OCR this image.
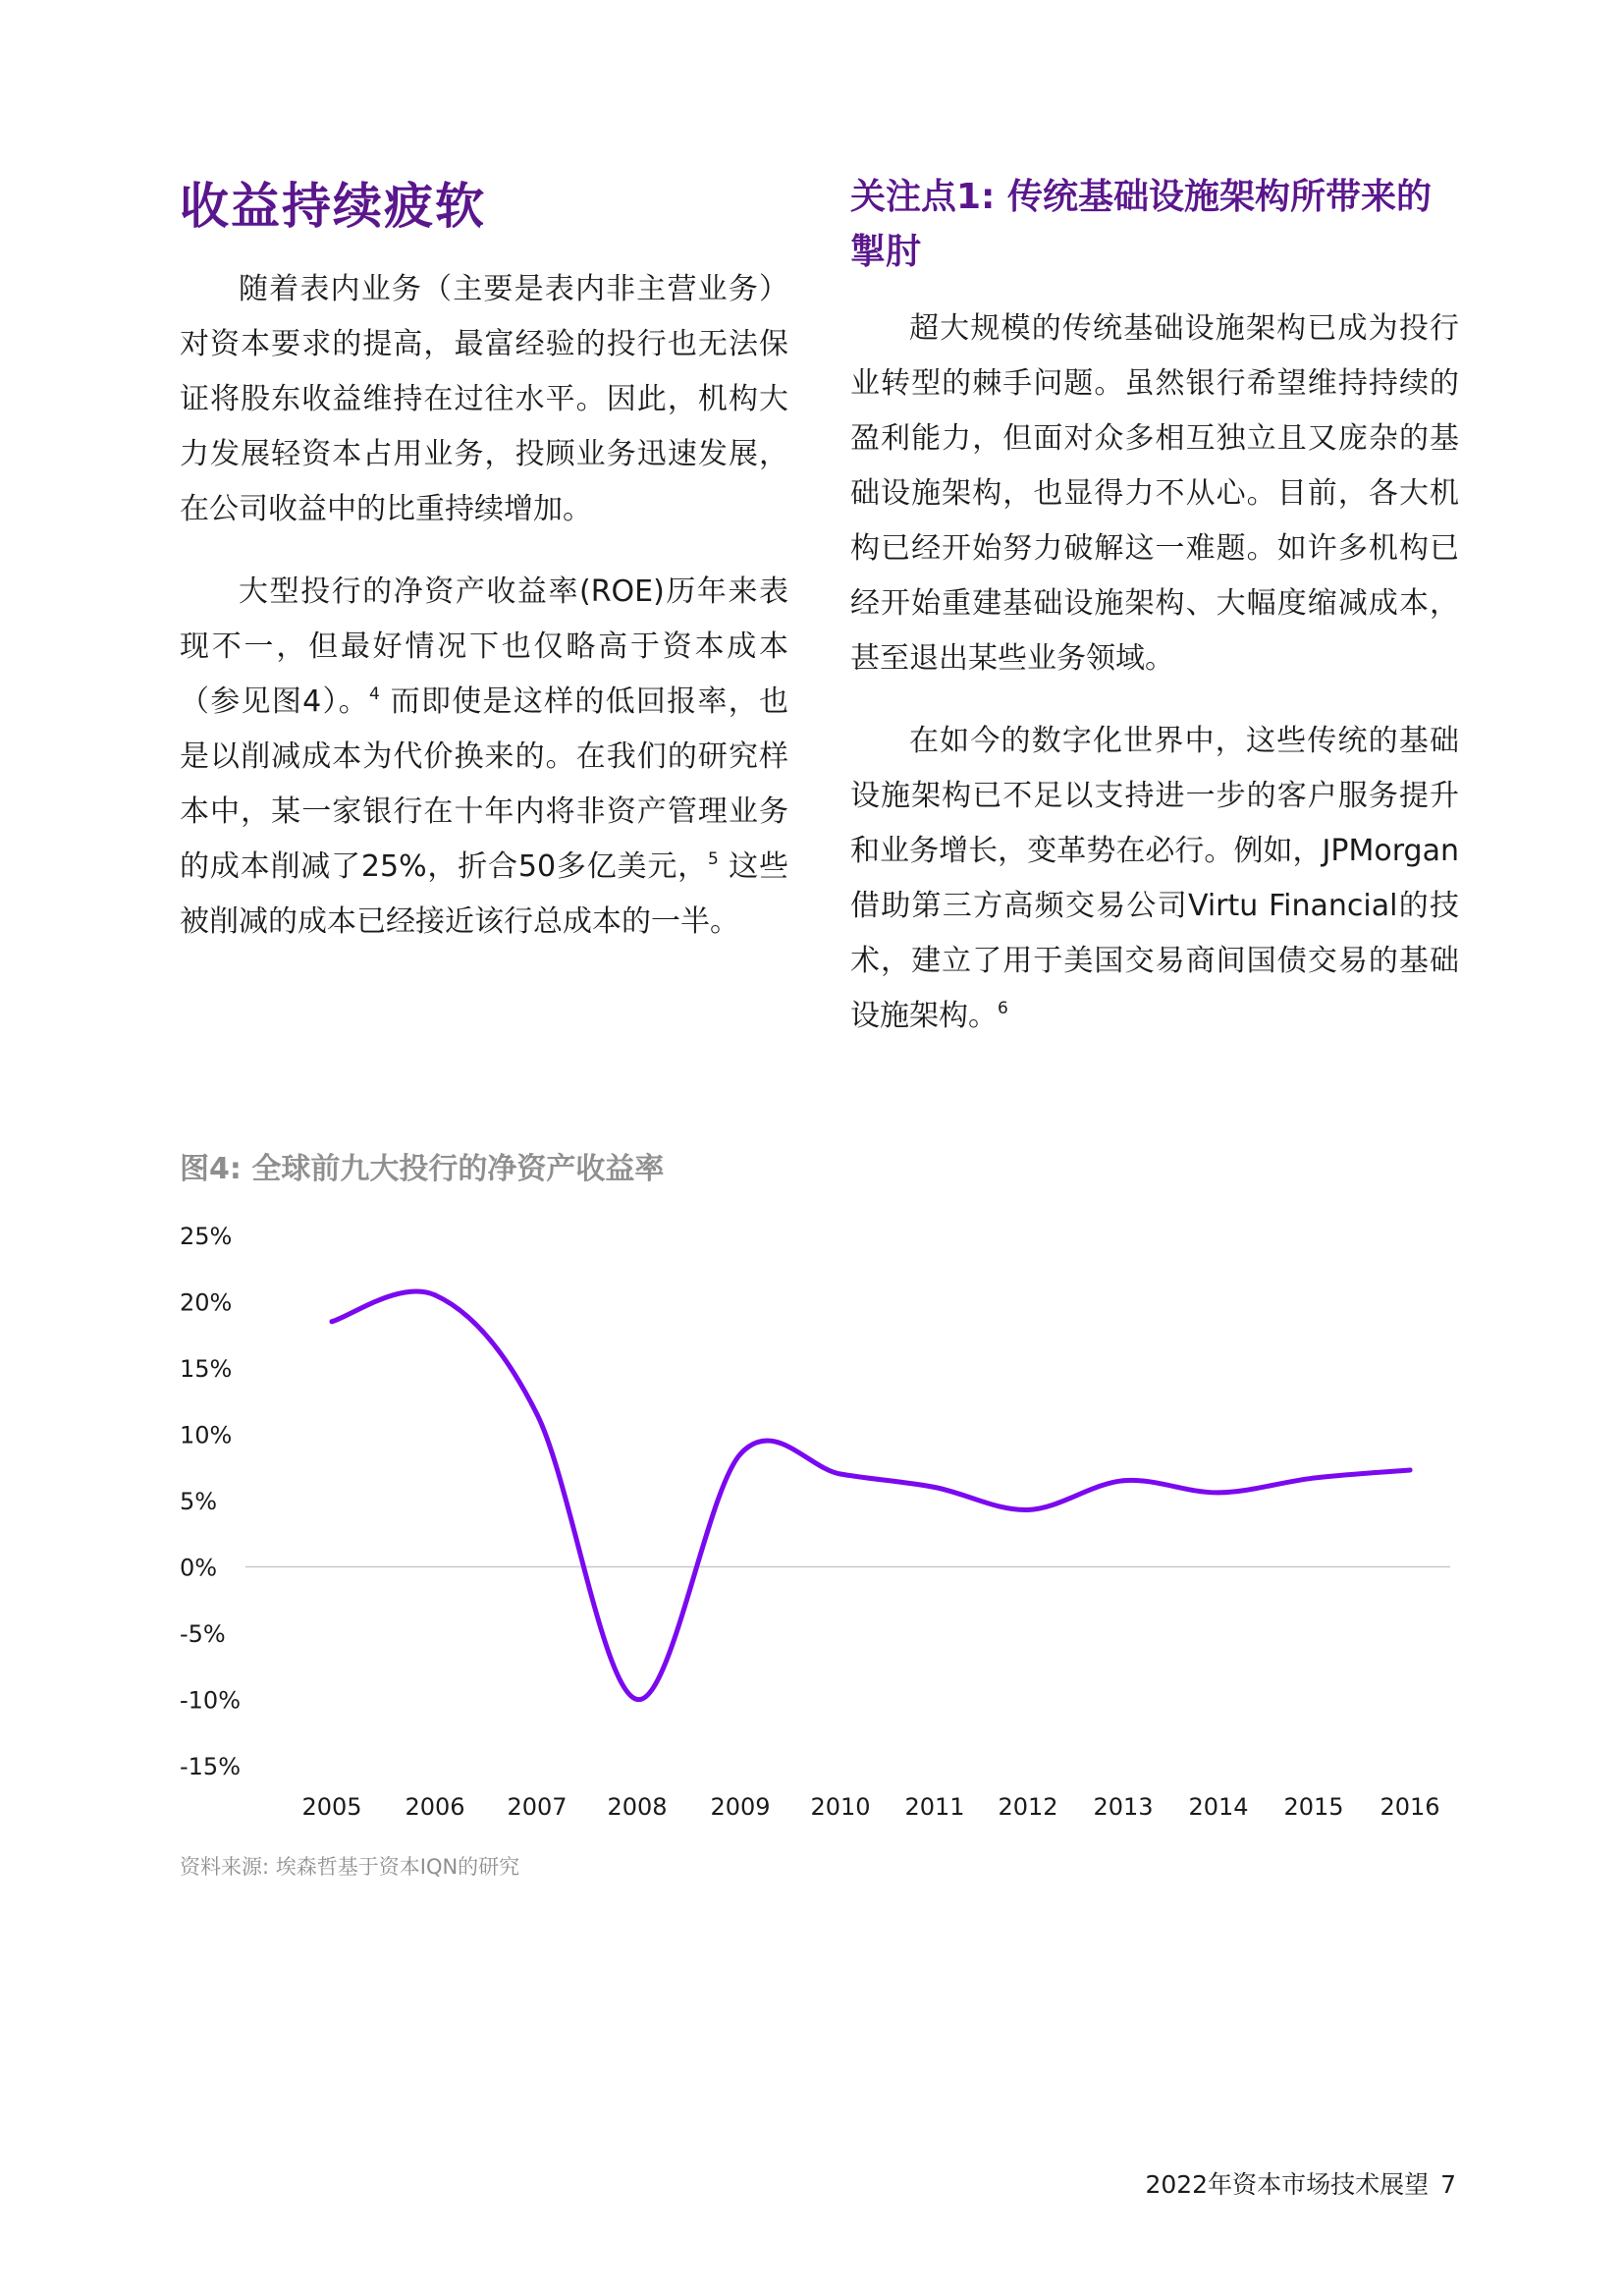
收益持续疲软

随着表内业务（主要是表内非主营业务）对资本要求的提高，最富经验的投行也无法保证将股东收益维持在过往水平。因此，机构大力发展轻资本占用业务，投顾业务迅速发展，在公司收益中的比重持续增加。

大型投行的净资产收益率(ROE)历年来表现不一，但最好情况下也仅略高于资本成本（参见图4）。$^4$ 而即使是这样的低回报率，也是以削减成本为代价换来的。在我们的研究样本中，某一家银行在十年内将非资产管理业务的成本削减了25%，折合50多亿美元，$^5$ 这些被削减的成本已经接近该行总成本的一半。

关注点1: 传统基础设施架构所带来的掣肘

超大规模的传统基础设施架构已成为投行业转型的棘手问题。虽然银行希望维持持续的盈利能力，但面对众多相互独立且又庞杂的基础设施架构，也显得力不从心。目前，各大机构已经开始努力破解这一难题。如许多机构已经开始重建基础设施架构、大幅度缩减成本，甚至退出某些业务领域。

在如今的数字化世界中，这些传统的基础设施架构已不足以支持进一步的客户服务提升和业务增长，变革势在必行。例如，JPMorgan借助第三方高频交易公司Virtu Financial的技术，建立了用于美国交易商间国债交易的基础设施架构。$^6$

图4: 全球前九大投行的净资产收益率
25%
20%
15%
10%
5%
0%
-5%
-10%
-15%
2005 2006 2007 2008 2009 2010 2011 2012 2013 2014 2015 2016

资料来源: 埃森哲基于资本IQN的研究

2022年资本市场技术展望 7
